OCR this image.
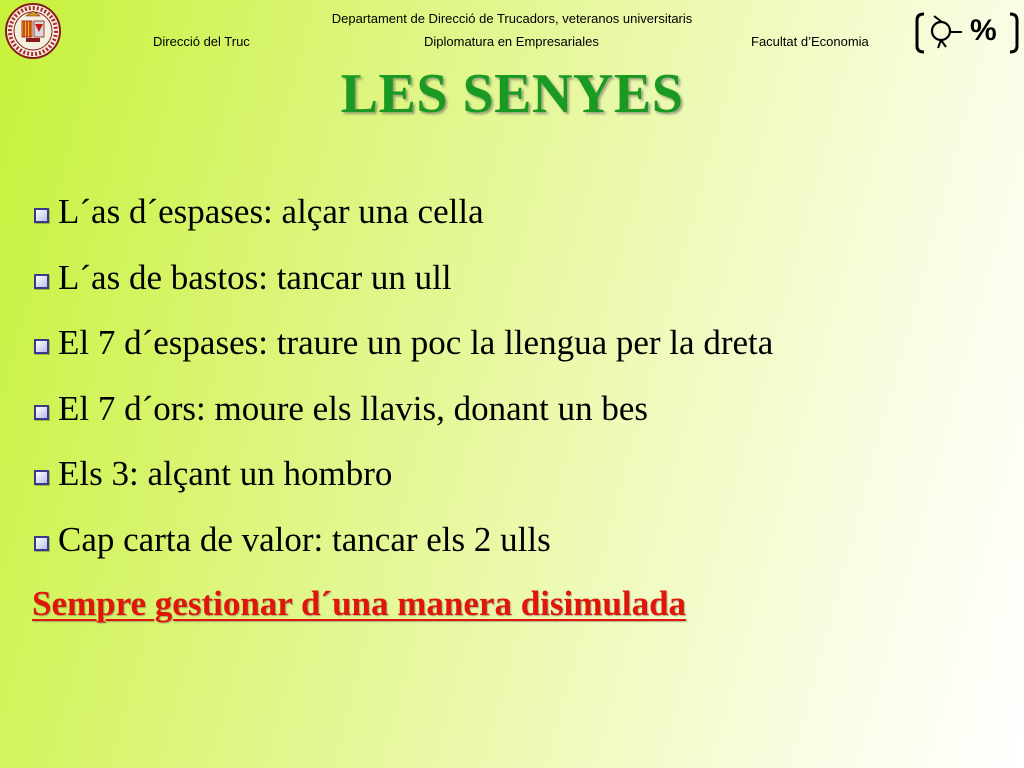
Departament de Direcció de Trucadors, veteranos universitaris
Direcció del Truc	Diplomatura en Empresariales	Facultat d’Economia	%
LES SENYES
L´as d´espases: alçar una cella
L´as de bastos: tancar un ull
El 7 d´espases: traure un poc la llengua per la dreta
El 7 d´ors: moure els llavis, donant un bes
Els 3: alçant un hombro
Cap carta de valor: tancar els 2 ulls
Sempre gestionar d´una manera disimulada
